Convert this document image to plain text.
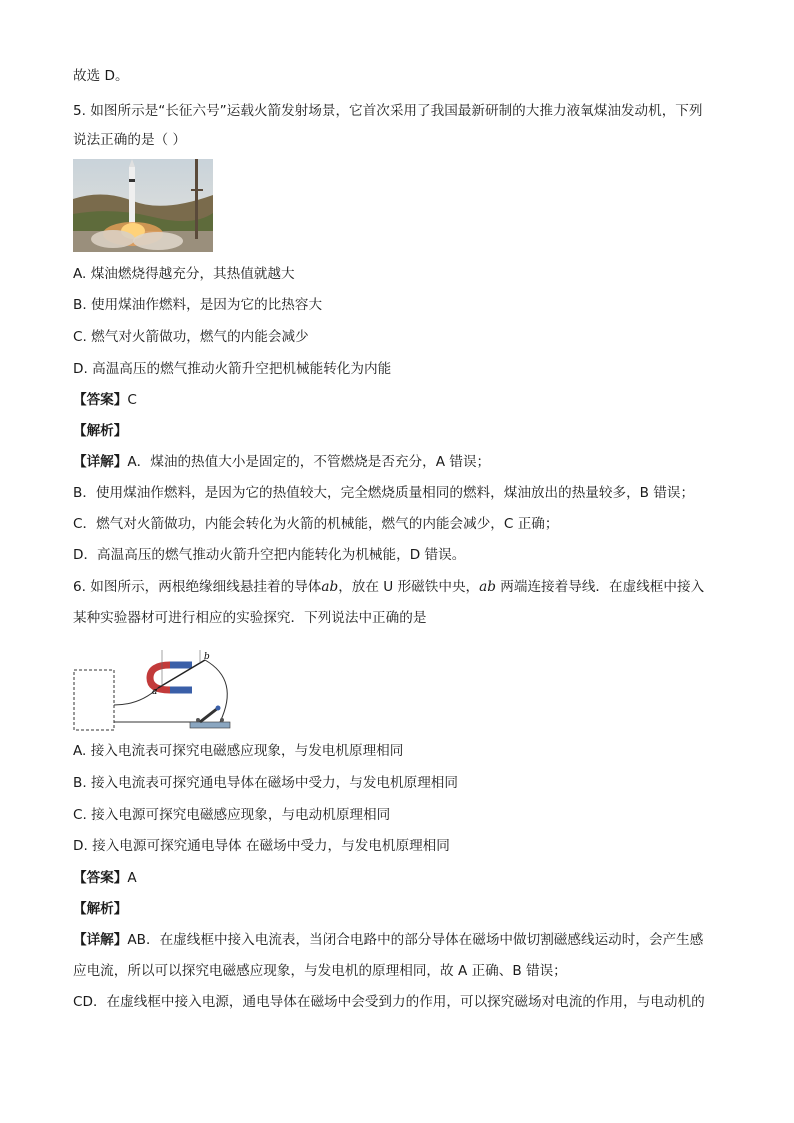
故选 D。
5. 如图所示是“长征六号”运载火箭发射场景，它首次采用了我国最新研制的大推力液氧煤油发动机，下列
说法正确的是（ ）
A. 煤油燃烧得越充分，其热值就越大
B. 使用煤油作燃料，是因为它的比热容大
C. 燃气对火箭做功，燃气的内能会减少
D. 高温高压的燃气推动火箭升空把机械能转化为内能
【答案】C
【解析】
【详解】A．煤油的热值大小是固定的，不管燃烧是否充分，A 错误；
B．使用煤油作燃料，是因为它的热值较大，完全燃烧质量相同的燃料，煤油放出的热量较多，B 错误；
C．燃气对火箭做功，内能会转化为火箭的机械能，燃气的内能会减少，C 正确；
D．高温高压的燃气推动火箭升空把内能转化为机械能，D 错误。
6. 如图所示，两根绝缘细线悬挂着的导体ab，放在 U 形磁铁中央，ab 两端连接着导线．在虚线框中接入
某种实验器材可进行相应的实验探究．下列说法中正确的是
a
b
A. 接入电流表可探究电磁感应现象，与发电机原理相同
B. 接入电流表可探究通电导体在磁场中受力，与发电机原理相同
C. 接入电源可探究电磁感应现象，与电动机原理相同
D. 接入电源可探究通电导体 在磁场中受力，与发电机原理相同
【答案】A
【解析】
【详解】AB．在虚线框中接入电流表，当闭合电路中的部分导体在磁场中做切割磁感线运动时，会产生感
应电流，所以可以探究电磁感应现象，与发电机的原理相同，故 A 正确、B 错误；
CD．在虚线框中接入电源，通电导体在磁场中会受到力的作用，可以探究磁场对电流的作用，与电动机的
